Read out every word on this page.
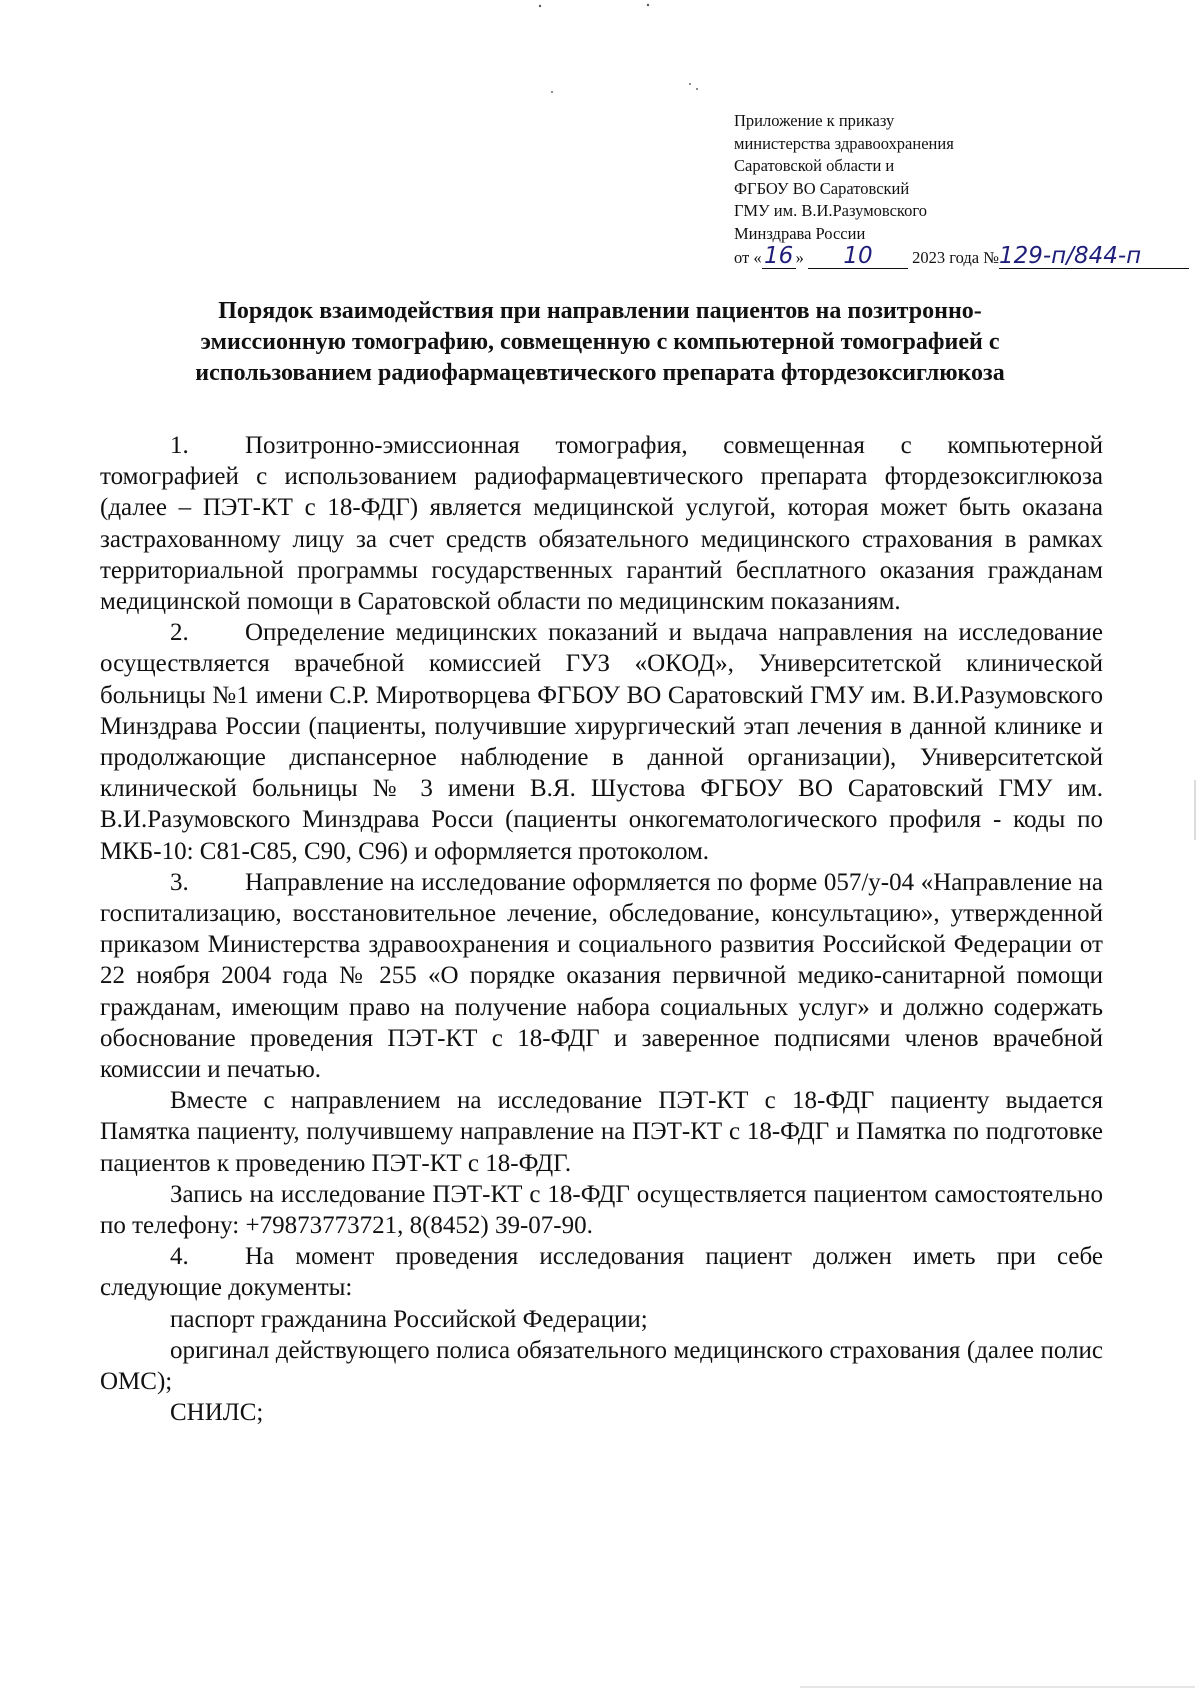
Приложение к приказу
министерства здравоохранения
Саратовской области и
ФГБОУ ВО Саратовский
ГМУ им. В.И.Разумовского
Минздрава России
от « 16 » 10 2023 года №129-п/844-п
Порядок взаимодействия при направлении пациентов на позитронно-
эмиссионную томографию, совмещенную с компьютерной томографией с
использованием радиофармацевтического препарата фтордезоксиглюкоза

1. Позитронно-эмиссионная томография, совмещенная с компьютерной томографией с использованием радиофармацевтического препарата фтордезоксиглюкоза (далее – ПЭТ-КТ с 18-ФДГ) является медицинской услугой, которая может быть оказана застрахованному лицу за счет средств обязательного медицинского страхования в рамках территориальной программы государственных гарантий бесплатного оказания гражданам медицинской помощи в Саратовской области по медицинским показаниям.

2. Определение медицинских показаний и выдача направления на исследование осуществляется врачебной комиссией ГУЗ «ОКОД», Университетской клинической больницы №1 имени С.Р. Миротворцева ФГБОУ ВО Саратовский ГМУ им. В.И.Разумовского Минздрава России (пациенты, получившие хирургический этап лечения в данной клинике и продолжающие диспансерное наблюдение в данной организации), Университетской клинической больницы № 3 имени В.Я. Шустова ФГБОУ ВО Саратовский ГМУ им. В.И.Разумовского Минздрава Росси (пациенты онкогематологического профиля - коды по МКБ-10: С81-С85, С90, С96) и оформляется протоколом.

3. Направление на исследование оформляется по форме 057/у-04 «Направление на госпитализацию, восстановительное лечение, обследование, консультацию», утвержденной приказом Министерства здравоохранения и социального развития Российской Федерации от 22 ноября 2004 года № 255 «О порядке оказания первичной медико-санитарной помощи гражданам, имеющим право на получение набора социальных услуг» и должно содержать обоснование проведения ПЭТ-КТ с 18-ФДГ и заверенное подписями членов врачебной комиссии и печатью.

Вместе с направлением на исследование ПЭТ-КТ с 18-ФДГ пациенту выдается Памятка пациенту, получившему направление на ПЭТ-КТ с 18-ФДГ и Памятка по подготовке пациентов к проведению ПЭТ-КТ с 18-ФДГ.

Запись на исследование ПЭТ-КТ с 18-ФДГ осуществляется пациентом самостоятельно по телефону: +79873773721, 8(8452) 39-07-90.

4. На момент проведения исследования пациент должен иметь при себе следующие документы:

паспорт гражданина Российской Федерации;

оригинал действующего полиса обязательного медицинского страхования (далее полис ОМС);

СНИЛС;
